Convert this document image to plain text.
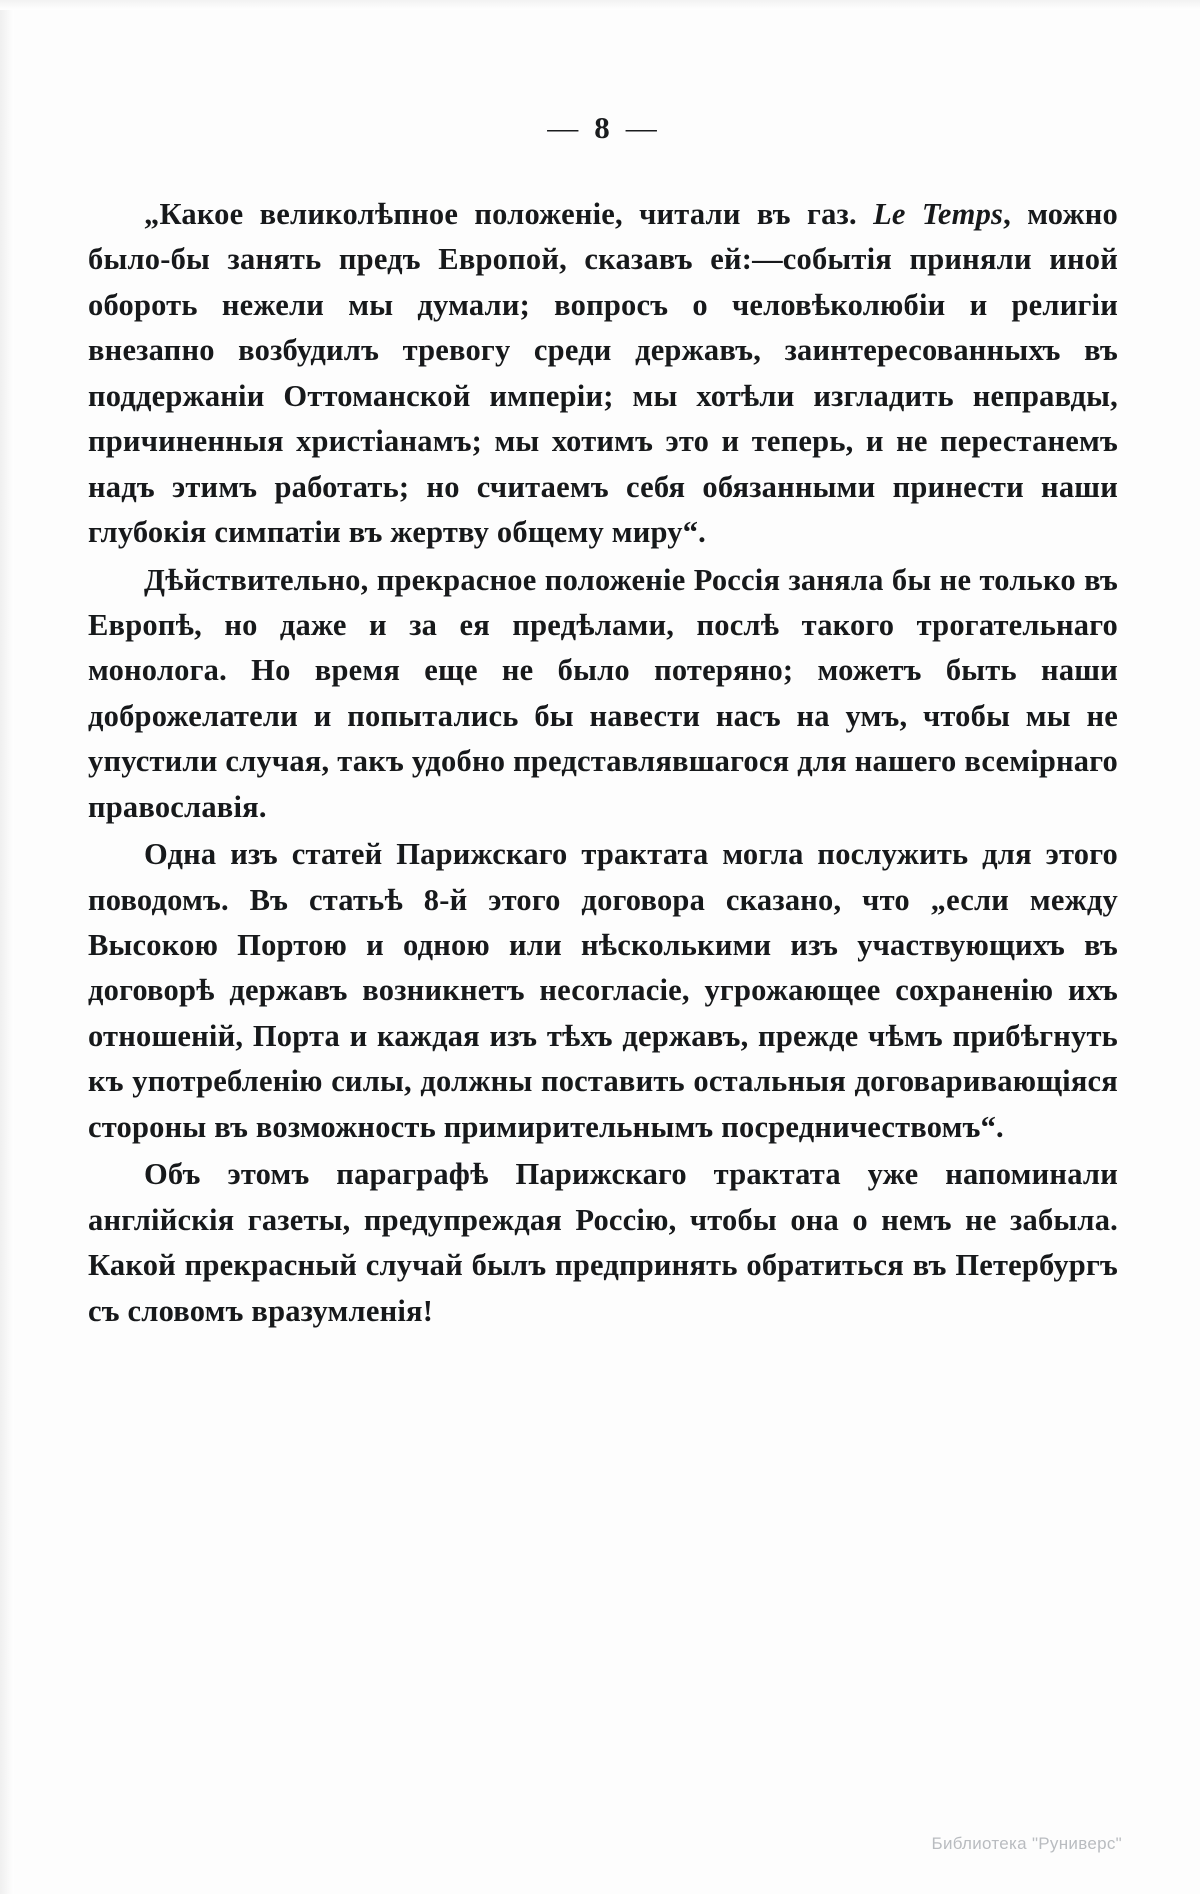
— 8 —

„Какое великолѣпное положеніе, читали въ газ. Le Temps, можно было-бы занять предъ Европой, сказавъ ей:—событія приняли иной обороть нежели мы думали; вопросъ о человѣколюбіи и религіи внезапно возбудилъ тревогу среди державъ, заинтересованныхъ въ поддержаніи Оттоманской имперіи; мы хотѣли изгладить неправды, причиненныя христіанамъ; мы хотимъ это и теперь, и не перестанемъ надъ этимъ работать; но считаемъ себя обязанными принести наши глубокія симпатіи въ жертву общему миру“.

Дѣйствительно, прекрасное положеніе Россія заняла бы не только въ Европѣ, но даже и за ея предѣлами, послѣ такого трогательнаго монолога. Но время еще не было потеряно; можетъ быть наши доброжелатели и попытались бы навести насъ на умъ, чтобы мы не упустили случая, такъ удобно представлявшагося для нашего всемірнаго православія.

Одна изъ статей Парижскаго трактата могла послужить для этого поводомъ. Въ статьѣ 8-й этого договора сказано, что „если между Высокою Портою и одною или нѣсколькими изъ участвующихъ въ договорѣ державъ возникнетъ несогласіе, угрожающее сохраненію ихъ отношеній, Порта и каждая изъ тѣхъ державъ, прежде чѣмъ прибѣгнуть къ употребленію силы, должны поставить остальныя договаривающіяся стороны въ возможность примирительнымъ посредничествомъ“.

Объ этомъ параграфѣ Парижскаго трактата уже напоминали англійскія газеты, предупреждая Россію, чтобы она о немъ не забыла. Какой прекрасный случай былъ предпринять обратиться въ Петербургъ съ словомъ вразумленія!

Библиотека "Руниверс"
